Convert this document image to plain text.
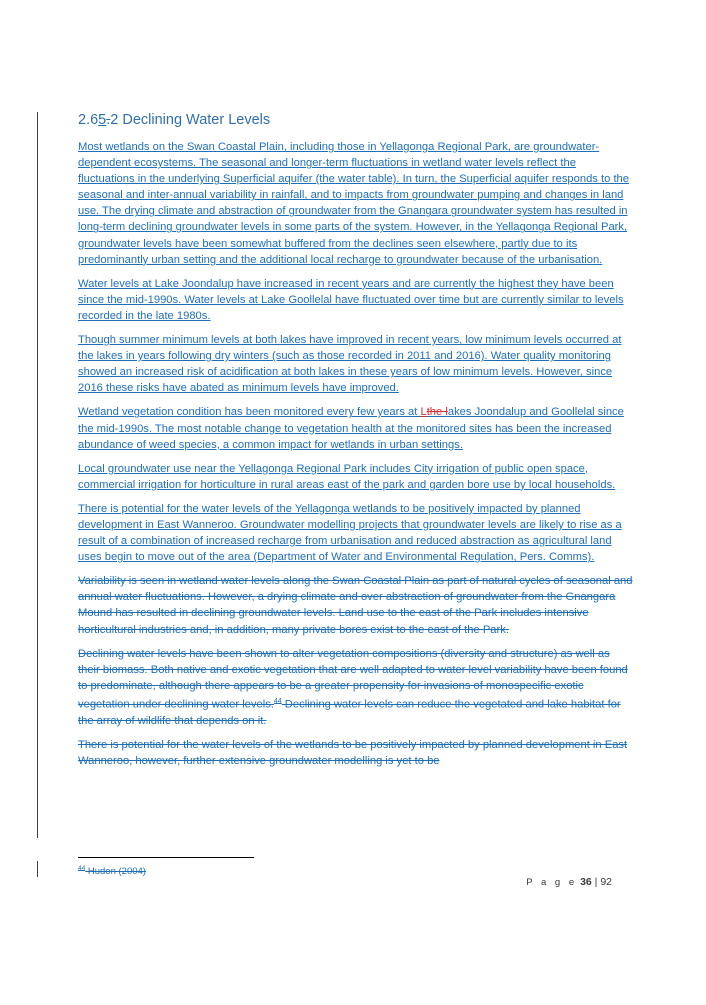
2.65.2 Declining Water Levels

Most wetlands on the Swan Coastal Plain, including those in Yellagonga Regional Park, are groundwater-dependent ecosystems. The seasonal and longer-term fluctuations in wetland water levels reflect the fluctuations in the underlying Superficial aquifer (the water table). In turn, the Superficial aquifer responds to the seasonal and inter-annual variability in rainfall, and to impacts from groundwater pumping and changes in land use. The drying climate and abstraction of groundwater from the Gnangara groundwater system has resulted in long-term declining groundwater levels in some parts of the system. However, in the Yellagonga Regional Park, groundwater levels have been somewhat buffered from the declines seen elsewhere, partly due to its predominantly urban setting and the additional local recharge to groundwater because of the urbanisation.

Water levels at Lake Joondalup have increased in recent years and are currently the highest they have been since the mid-1990s. Water levels at Lake Goollelal have fluctuated over time but are currently similar to levels recorded in the late 1980s.

Though summer minimum levels at both lakes have improved in recent years, low minimum levels occurred at the lakes in years following dry winters (such as those recorded in 2011 and 2016). Water quality monitoring showed an increased risk of acidification at both lakes in these years of low minimum levels. However, since 2016 these risks have abated as minimum levels have improved.

Wetland vegetation condition has been monitored every few years at Lthe lakes Joondalup and Goollelal since the mid-1990s. The most notable change to vegetation health at the monitored sites has been the increased abundance of weed species, a common impact for wetlands in urban settings.

Local groundwater use near the Yellagonga Regional Park includes City irrigation of public open space, commercial irrigation for horticulture in rural areas east of the park and garden bore use by local households.

There is potential for the water levels of the Yellagonga wetlands to be positively impacted by planned development in East Wanneroo. Groundwater modelling projects that groundwater levels are likely to rise as a result of a combination of increased recharge from urbanisation and reduced abstraction as agricultural land uses begin to move out of the area (Department of Water and Environmental Regulation, Pers. Comms).

Variability is seen in wetland water levels along the Swan Coastal Plain as part of natural cycles of seasonal and annual water fluctuations. However, a drying climate and over abstraction of groundwater from the Gnangara Mound has resulted in declining groundwater levels. Land use to the east of the Park includes intensive horticultural industries and, in addition, many private bores exist to the east of the Park.

Declining water levels have been shown to alter vegetation compositions (diversity and structure) as well as their biomass. Both native and exotic vegetation that are well adapted to water level variability have been found to predominate, although there appears to be a greater propensity for invasions of monospecific exotic vegetation under declining water levels.$^{44}$ Declining water levels can reduce the vegetated and lake habitat for the array of wildlife that depends on it.

There is potential for the water levels of the wetlands to be positively impacted by planned development in East Wanneroo, however, further extensive groundwater modelling is yet to be

$^{44}$ Hudon (2004)
P a g e 36 | 92
